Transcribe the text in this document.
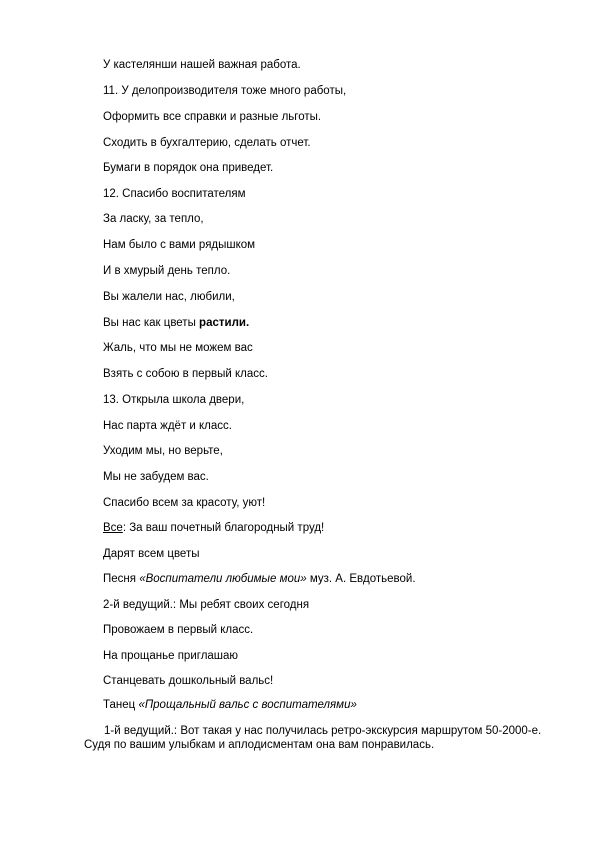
У кастелянши нашей важная работа.
11. У делопроизводителя тоже много работы,
Оформить все справки и разные льготы.
Сходить в бухгалтерию, сделать отчет.
Бумаги в порядок она приведет.
12. Спасибо воспитателям
За ласку, за тепло,
Нам было с вами рядышком
И в хмурый день тепло.
Вы жалели нас, любили,
Вы нас как цветы растили.
Жаль, что мы не можем вас
Взять с собою в первый класс.
13. Открыла школа двери,
Нас парта ждёт и класс.
Уходим мы, но верьте,
Мы не забудем вас.
Спасибо всем за красоту, уют!
Все: За ваш почетный благородный труд!
Дарят всем цветы
Песня «Воспитатели любимые мои» муз. А. Евдотьевой.
2-й ведущий.: Мы ребят своих сегодня
Провожаем в первый класс.
На прощанье приглашаю
Станцевать дошкольный вальс!
Танец «Прощальный вальс с воспитателями»
1-й ведущий.: Вот такая у нас получилась ретро-экскурсия маршрутом 50-2000-е. Судя по вашим улыбкам и аплодисментам она вам понравилась.
